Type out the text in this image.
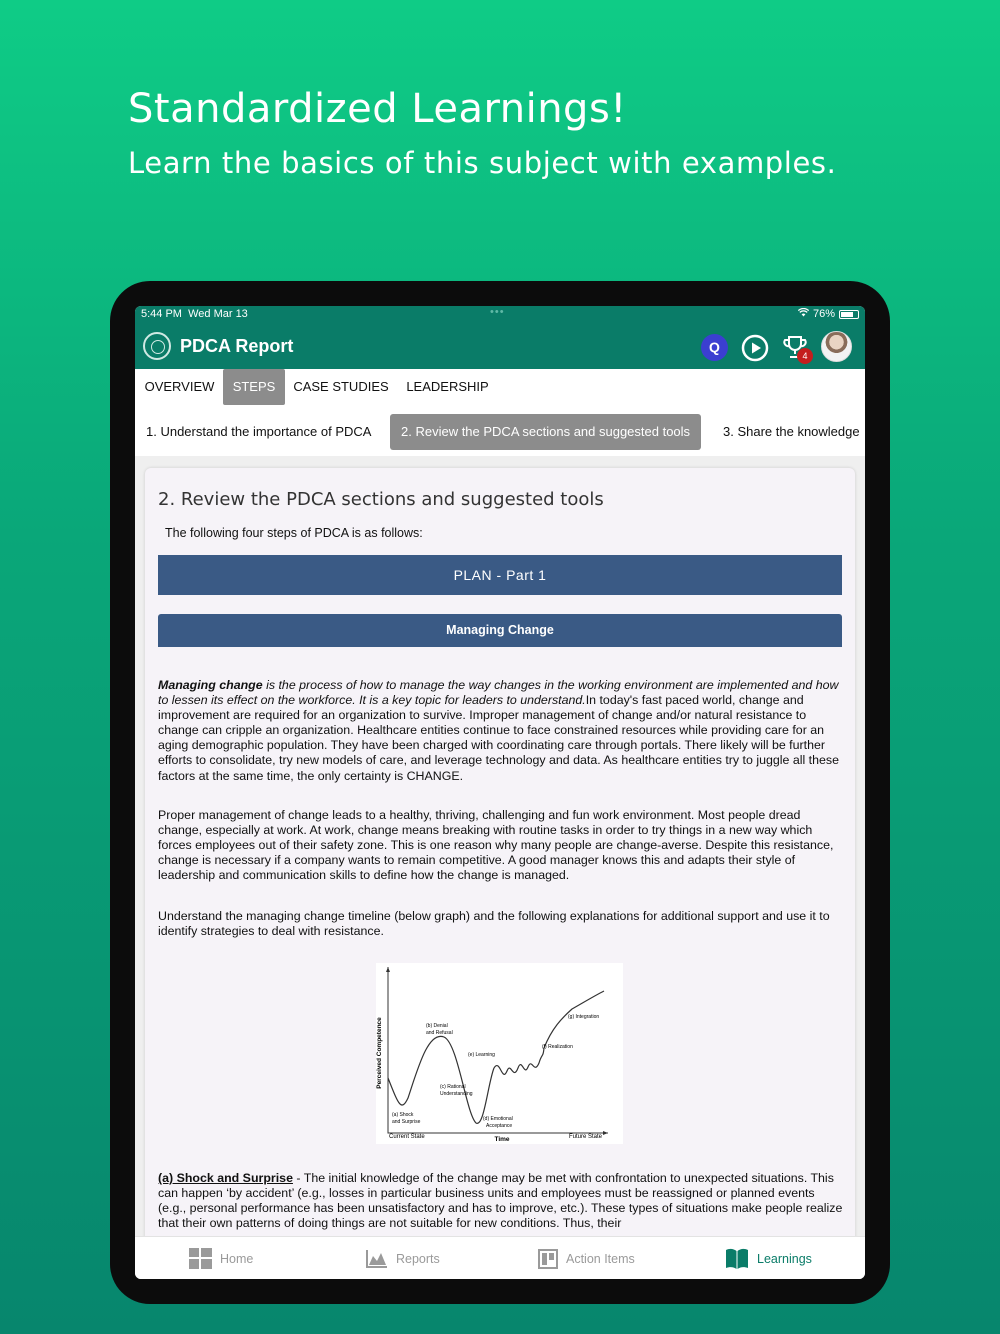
Standardized Learnings!
Learn the basics of this subject with examples.
5:44 PM Wed Mar 13	•••	76%
PDCA Report	Q
4
OVERVIEW	STEPS	CASE STUDIES	LEADERSHIP
1. Understand the importance of PDCA	2. Review the PDCA sections and suggested tools	3. Share the knowledge
2. Review the PDCA sections and suggested tools
The following four steps of PDCA is as follows:
PLAN - Part 1
Managing Change
Managing change is the process of how to manage the way changes in the working environment are implemented and how to lessen its effect on the workforce. It is a key topic for leaders to understand.In today's fast paced world, change and improvement are required for an organization to survive. Improper management of change and/or natural resistance to change can cripple an organization. Healthcare entities continue to face constrained resources while providing care for an aging demographic population. They have been charged with coordinating care through portals. There likely will be further efforts to consolidate, try new models of care, and leverage technology and data. As healthcare entities try to juggle all these factors at the same time, the only certainty is CHANGE.
Proper management of change leads to a healthy, thriving, challenging and fun work environment. Most people dread change, especially at work. At work, change means breaking with routine tasks in order to try things in a new way which forces employees out of their safety zone. This is one reason why many people are change-averse. Despite this resistance, change is necessary if a company wants to remain competitive. A good manager knows this and adapts their style of leadership and communication skills to define how the change is managed.
Understand the managing change timeline (below graph) and the following explanations for additional support and use it to identify strategies to deal with resistance.
Perceived Competence
Time
Current State	Future State
(a) Shock
and Surprise
(b) Denial
and Refusal
(c) Rational
Understanding
(d) Emotional
Acceptance
(e) Learning
(f) Realization
(g) Integration
(a) Shock and Surprise - The initial knowledge of the change may be met with confrontation to unexpected situations. This can happen ‘by accident’ (e.g., losses in particular business units and employees must be reassigned or planned events (e.g., personal performance has been unsatisfactory and has to improve, etc.). These types of situations make people realize that their own patterns of doing things are not suitable for new conditions. Thus, their
Home	Reports	Action Items	Learnings
